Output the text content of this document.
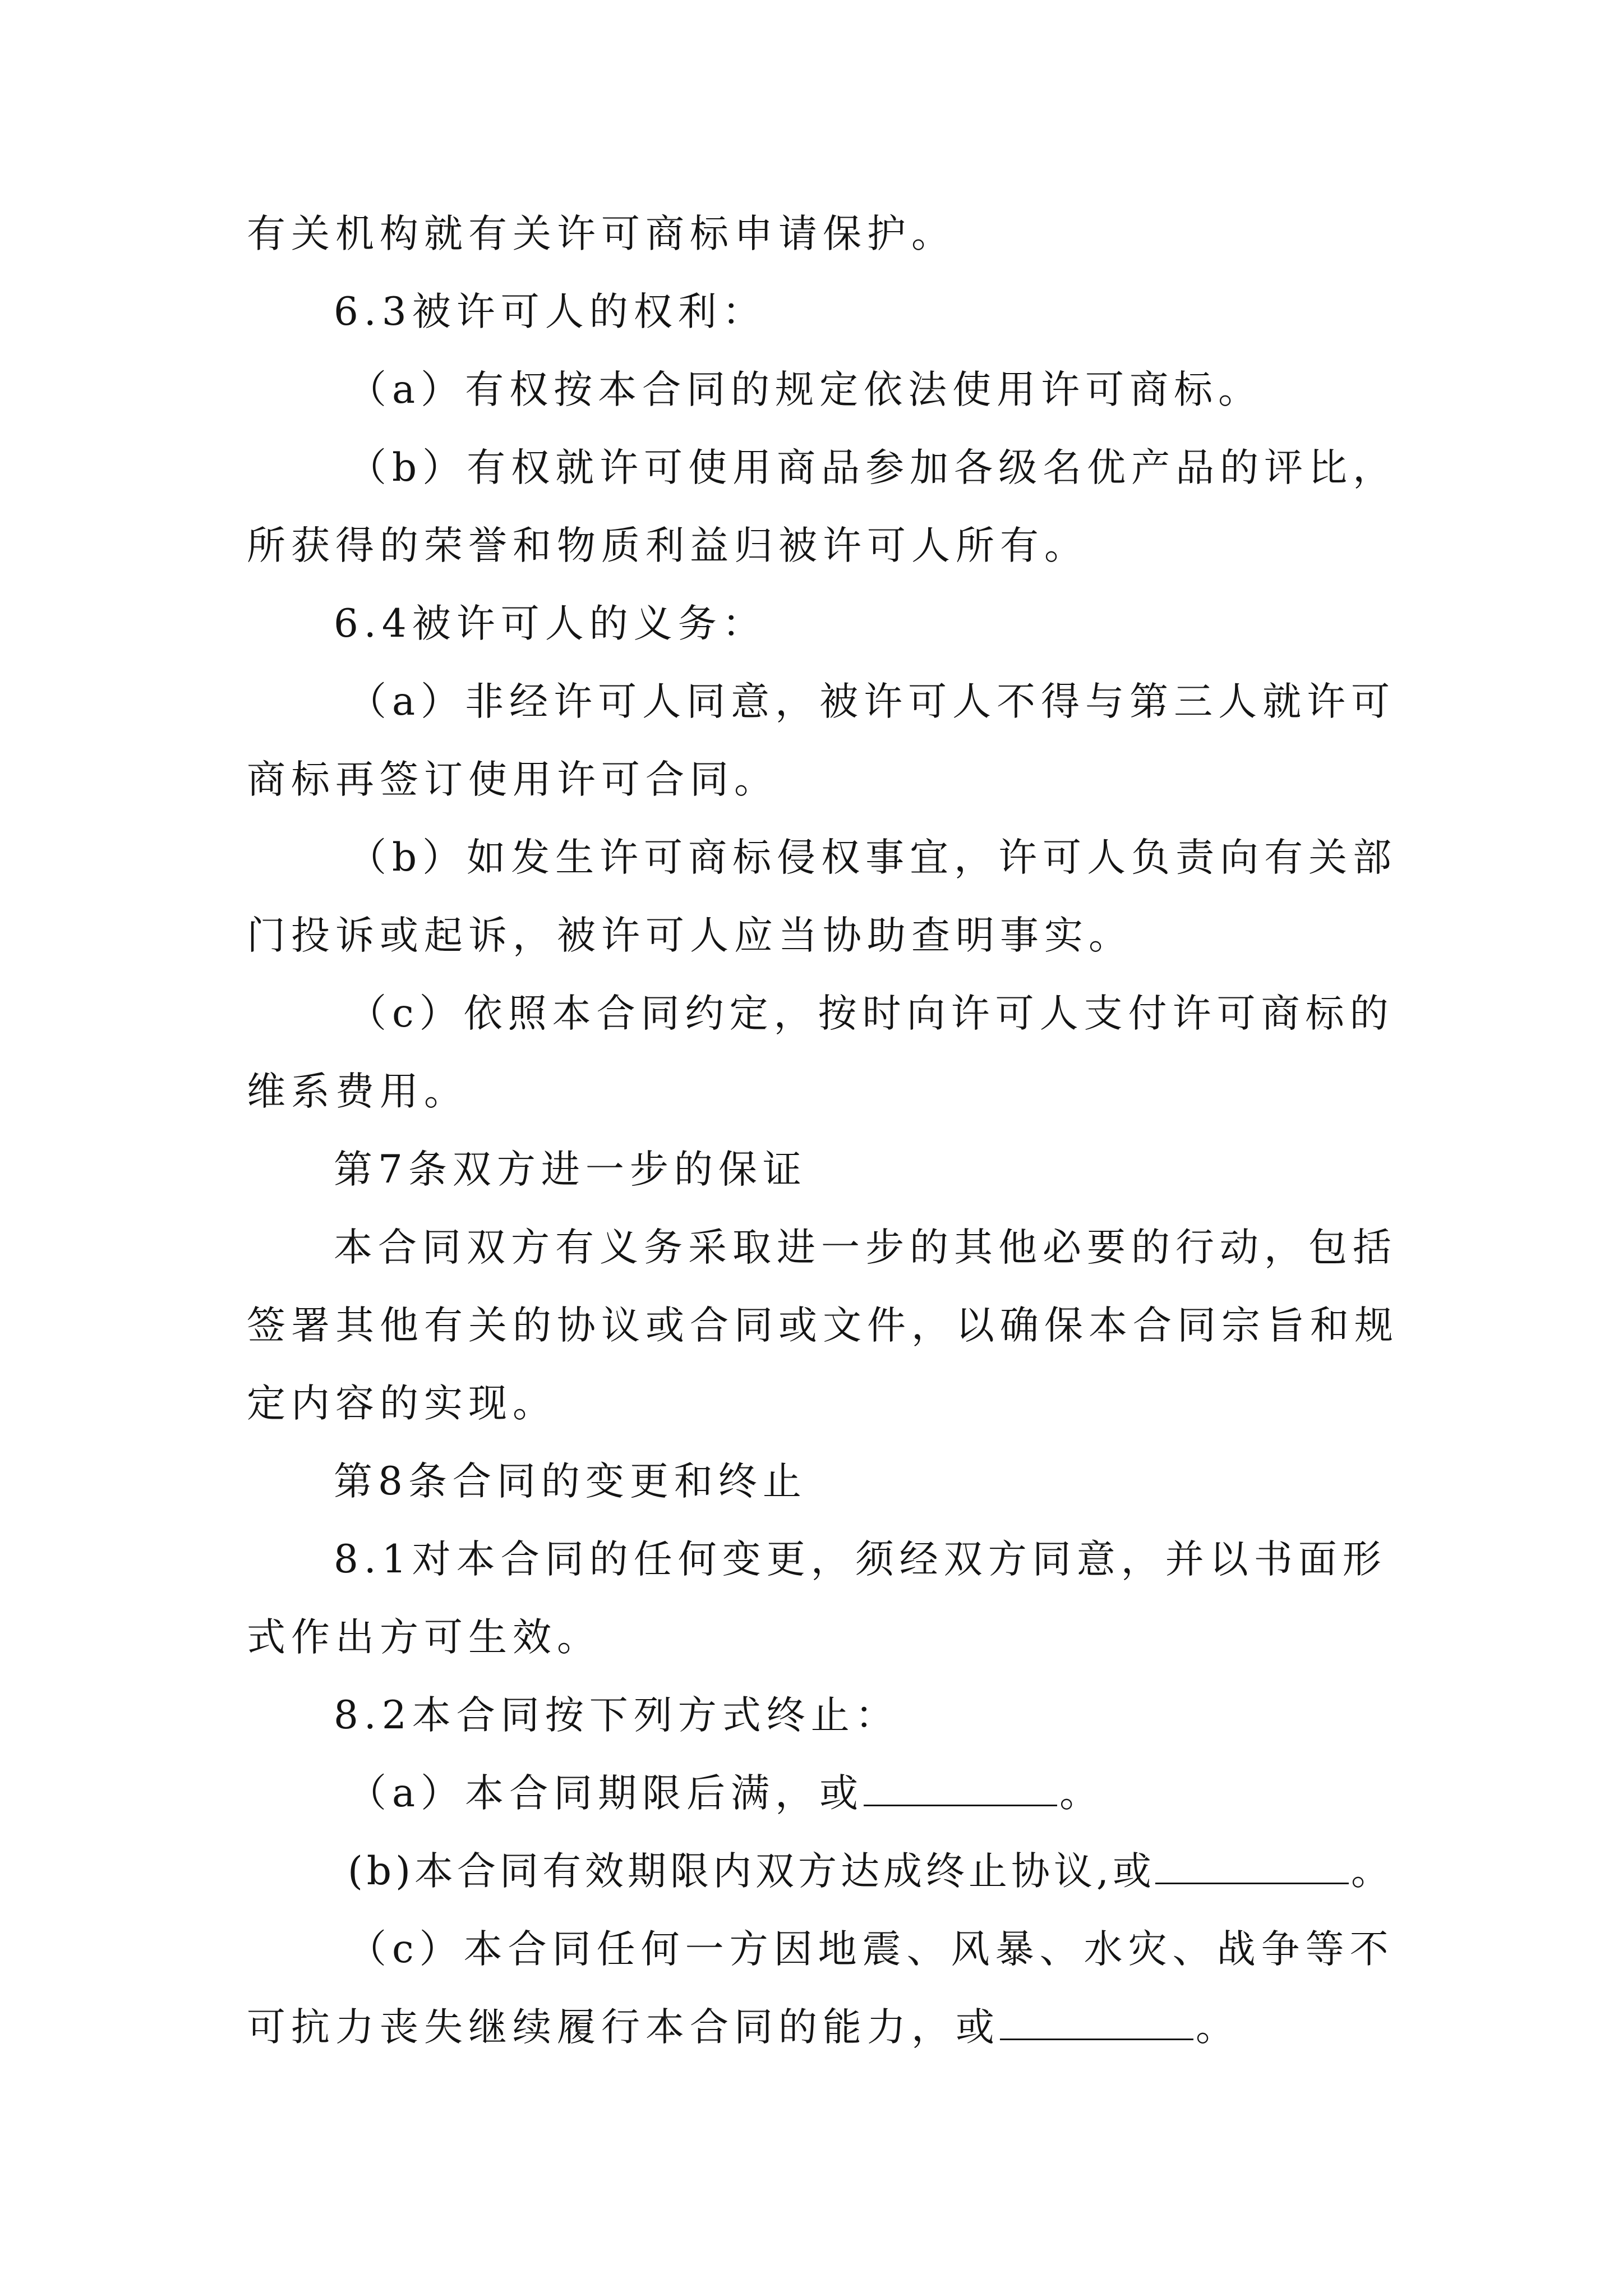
有关机构就有关许可商标申请保护。
6.3被许可人的权利：
（a）有权按本合同的规定依法使用许可商标。
（b）有权就许可使用商品参加各级名优产品的评比，
所获得的荣誉和物质利益归被许可人所有。
6.4被许可人的义务：
（a）非经许可人同意，被许可人不得与第三人就许可
商标再签订使用许可合同。
（b）如发生许可商标侵权事宜，许可人负责向有关部
门投诉或起诉，被许可人应当协助查明事实。
（c）依照本合同约定，按时向许可人支付许可商标的
维系费用。
第7条双方进一步的保证
本合同双方有义务采取进一步的其他必要的行动，包括
签署其他有关的协议或合同或文件，以确保本合同宗旨和规
定内容的实现。
第8条合同的变更和终止
8.1对本合同的任何变更，须经双方同意，并以书面形
式作出方可生效。
8.2本合同按下列方式终止：
（a）本合同期限后满，或	。
(b)本合同有效期限内双方达成终止协议,或	。
（c）本合同任何一方因地震、风暴、水灾、战争等不
可抗力丧失继续履行本合同的能力，或	。
